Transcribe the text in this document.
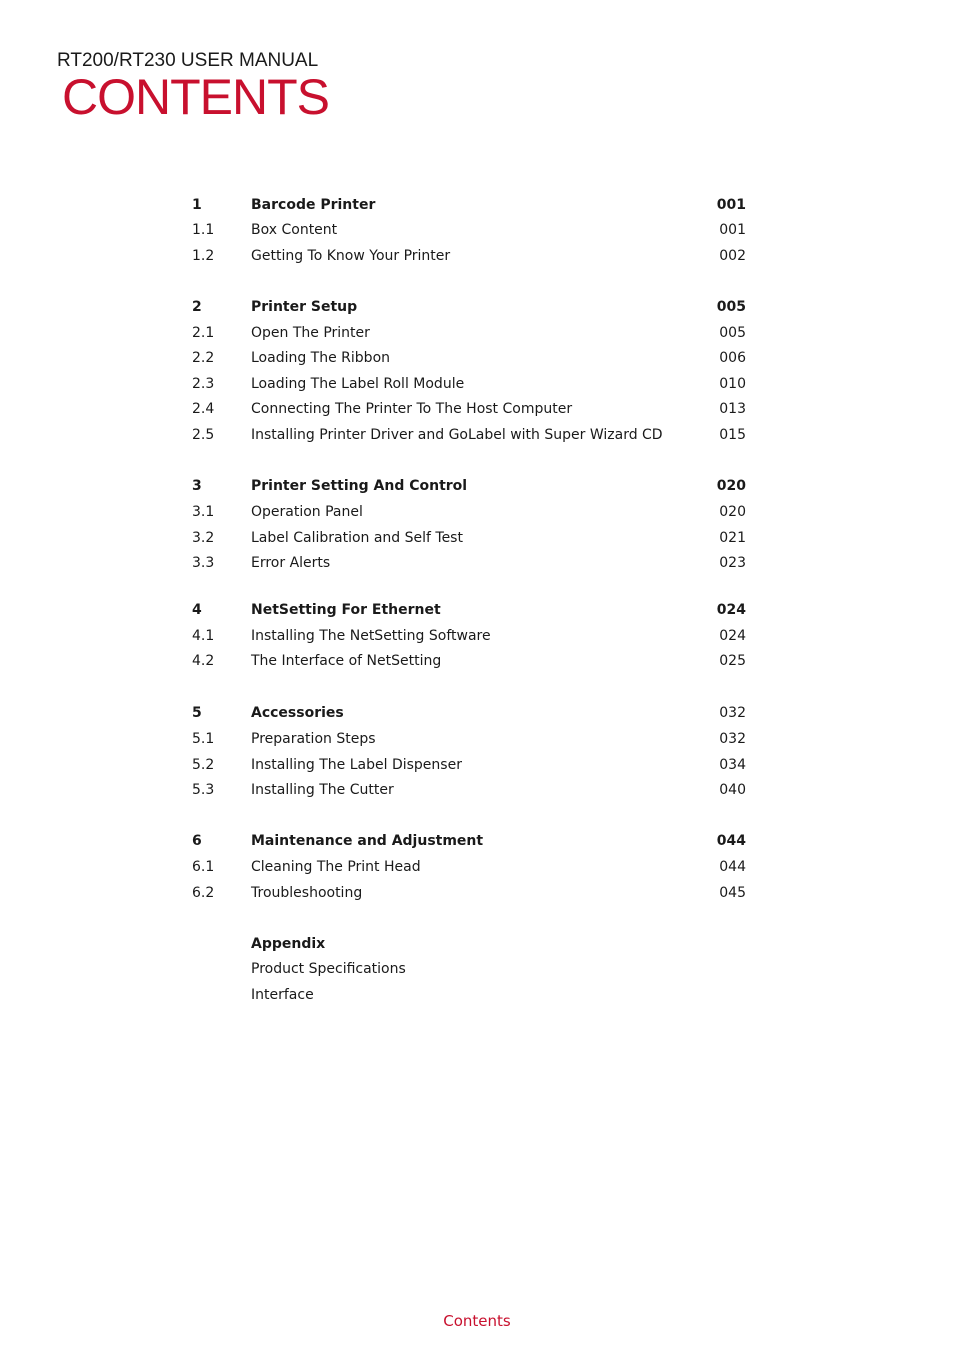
RT200/RT230 USER MANUAL
CONTENTS
1	Barcode Printer	001
1.1	Box Content	001
1.2	Getting To Know Your Printer	002
2	Printer Setup	005
2.1	Open The Printer	005
2.2	Loading The Ribbon	006
2.3	Loading The Label Roll Module	010
2.4	Connecting The Printer To The Host Computer	013
2.5	Installing Printer Driver and GoLabel with Super Wizard CD	015
3	Printer Setting And Control	020
3.1	Operation Panel	020
3.2	Label Calibration and Self Test	021
3.3	Error Alerts	023
4	NetSetting For Ethernet	024
4.1	Installing The NetSetting Software	024
4.2	The Interface of NetSetting	025
5	Accessories	032
5.1	Preparation Steps	032
5.2	Installing The Label Dispenser	034
5.3	Installing The Cutter	040
6	Maintenance and Adjustment	044
6.1	Cleaning The Print Head	044
6.2	Troubleshooting	045
Appendix
Product Specifications
Interface
Contents
